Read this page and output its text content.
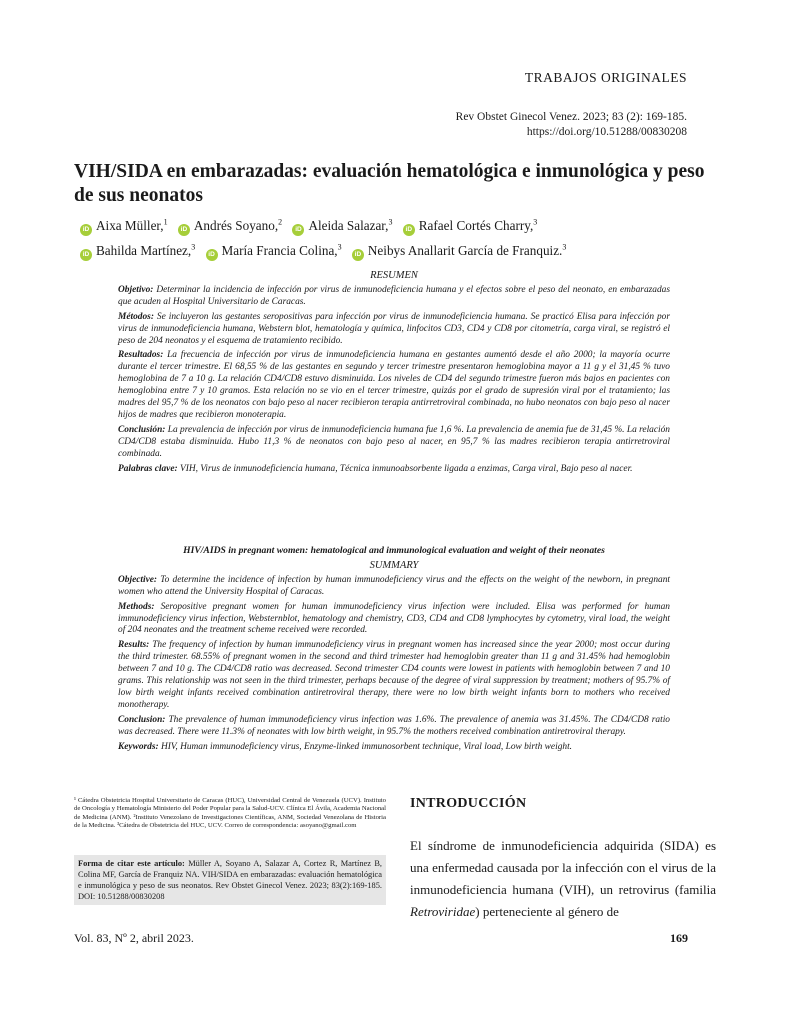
TRABAJOS ORIGINALES
Rev Obstet Ginecol Venez. 2023; 83 (2): 169-185.
https://doi.org/10.51288/00830208
VIH/SIDA en embarazadas: evaluación hematológica e inmunológica y peso de sus neonatos
iD Aixa Müller,$^1$ iD Andrés Soyano,$^2$ iD Aleida Salazar,$^3$ iD Rafael Cortés Charry,$^3$
iD Bahilda Martínez,$^3$ iD María Francia Colina,$^3$ iD Neibys Anallarit García de Franquiz.$^3$
RESUMEN

Objetivo: Determinar la incidencia de infección por virus de inmunodeficiencia humana y el efectos sobre el peso del neonato, en embarazadas que acuden al Hospital Universitario de Caracas.

Métodos: Se incluyeron las gestantes seropositivas para infección por virus de inmunodeficiencia humana. Se practicó Elisa para infección por virus de inmunodeficiencia humana, Webstern blot, hematología y química, linfocitos CD3, CD4 y CD8 por citometría, carga viral, se registró el peso de 204 neonatos y el esquema de tratamiento recibido.

Resultados: La frecuencia de infección por virus de inmunodeficiencia humana en gestantes aumentó desde el año 2000; la mayoría ocurre durante el tercer trimestre. El 68,55 % de las gestantes en segundo y tercer trimestre presentaron hemoglobina mayor a 11 g y el 31,45 % tuvo hemoglobina de 7 a 10 g. La relación CD4/CD8 estuvo disminuida. Los niveles de CD4 del segundo trimestre fueron más bajos en pacientes con hemoglobina entre 7 y 10 gramos. Esta relación no se vio en el tercer trimestre, quizás por el grado de supresión viral por el tratamiento; las madres del 95,7 % de los neonatos con bajo peso al nacer recibieron terapia antirretroviral combinada, no hubo neonatos con bajo peso al nacer hijos de madres que recibieron monoterapia.

Conclusión: La prevalencia de infección por virus de inmunodeficiencia humana fue 1,6 %. La prevalencia de anemia fue de 31,45 %. La relación CD4/CD8 estaba disminuida. Hubo 11,3 % de neonatos con bajo peso al nacer, en 95,7 % las madres recibieron terapia antirretroviral combinada.

Palabras clave: VIH, Virus de inmunodeficiencia humana, Técnica inmunoabsorbente ligada a enzimas, Carga viral, Bajo peso al nacer.

HIV/AIDS in pregnant women: hematological and immunological evaluation and weight of their neonates
SUMMARY

Objective: To determine the incidence of infection by human immunodeficiency virus and the effects on the weight of the newborn, in pregnant women who attend the University Hospital of Caracas.

Methods: Seropositive pregnant women for human immunodeficiency virus infection were included. Elisa was performed for human immunodeficiency virus infection, Websternblot, hematology and chemistry, CD3, CD4 and CD8 lymphocytes by cytometry, viral load, the weight of 204 neonates and the treatment scheme received were recorded.

Results: The frequency of infection by human immunodeficiency virus in pregnant women has increased since the year 2000; most occur during the third trimester. 68.55% of pregnant women in the second and third trimester had hemoglobin greater than 11 g and 31.45% had hemoglobin between 7 and 10 g. The CD4/CD8 ratio was decreased. Second trimester CD4 counts were lowest in patients with hemoglobin between 7 and 10 grams. This relationship was not seen in the third trimester, perhaps because of the degree of viral suppression by treatment; mothers of 95.7% of low birth weight infants received combination antiretroviral therapy, there were no low birth weight infants born to mothers who received monotherapy.

Conclusion: The prevalence of human immunodeficiency virus infection was 1.6%. The prevalence of anemia was 31.45%. The CD4/CD8 ratio was decreased. There were 11.3% of neonates with low birth weight, in 95.7% the mothers received combination antiretroviral therapy.

Keywords: HIV, Human immunodeficiency virus, Enzyme-linked immunosorbent technique, Viral load, Low birth weight.

¹ Cátedra Obstetricia Hospital Universitario de Caracas (HUC), Universidad Central de Venezuela (UCV). Instituto de Oncología y Hematología Ministerio del Poder Popular para la Salud-UCV. Clínica El Ávila, Academia Nacional de Medicina (ANM). ²Instituto Venezolano de Investigaciones Científicas, ANM, Sociedad Venezolana de Historia de la Medicina. ³Cátedra de Obstetricia del HUC, UCV. Correo de correspondencia: asoyano@gmail.com
Forma de citar este artículo: Müller A, Soyano A, Salazar A, Cortez R, Martínez B, Colina MF, García de Franquiz NA. VIH/SIDA en embarazadas: evaluación hematológica e inmunológica y peso de sus neonatos. Rev Obstet Ginecol Venez. 2023; 83(2):169-185. DOI: 10.51288/00830208
INTRODUCCIÓN
El síndrome de inmunodeficiencia adquirida (SIDA) es una enfermedad causada por la infección con el virus de la inmunodeficiencia humana (VIH), un retrovirus (familia Retroviridae) perteneciente al género de
Vol. 83, Nº 2, abril 2023.	169
